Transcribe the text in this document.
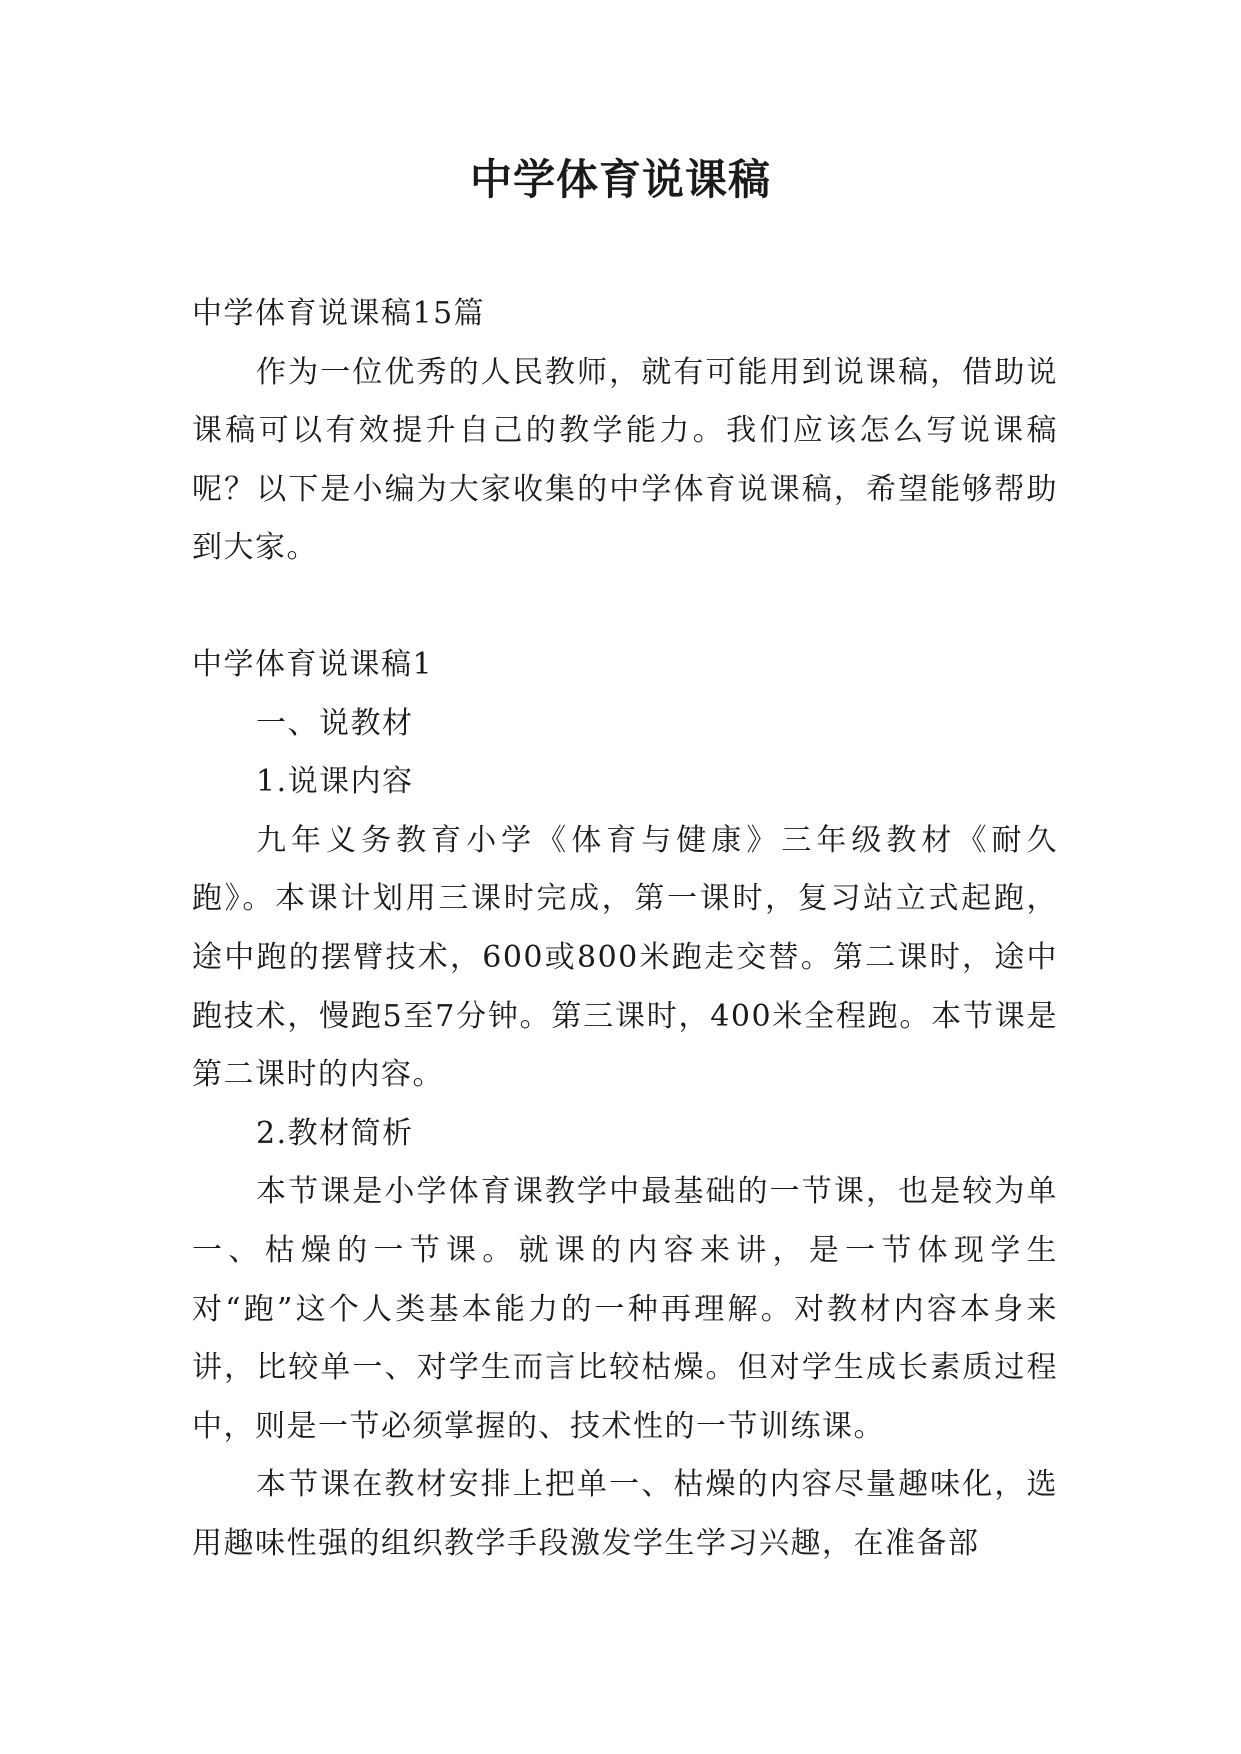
中学体育说课稿

中学体育说课稿15篇

作为一位优秀的人民教师，就有可能用到说课稿，借助说课稿可以有效提升自己的教学能力。我们应该怎么写说课稿呢？以下是小编为大家收集的中学体育说课稿，希望能够帮助到大家。

中学体育说课稿1

一、说教材

1.说课内容

九年义务教育小学《体育与健康》三年级教材《耐久跑》。本课计划用三课时完成，第一课时，复习站立式起跑，途中跑的摆臂技术，600或800米跑走交替。第二课时，途中跑技术，慢跑5至7分钟。第三课时，400米全程跑。本节课是第二课时的内容。

2.教材简析

本节课是小学体育课教学中最基础的一节课，也是较为单一、枯燥的一节课。就课的内容来讲，是一节体现学生对“跑”这个人类基本能力的一种再理解。对教材内容本身来讲，比较单一、对学生而言比较枯燥。但对学生成长素质过程中，则是一节必须掌握的、技术性的一节训练课。

本节课在教材安排上把单一、枯燥的内容尽量趣味化，选用趣味性强的组织教学手段激发学生学习兴趣，在准备部
